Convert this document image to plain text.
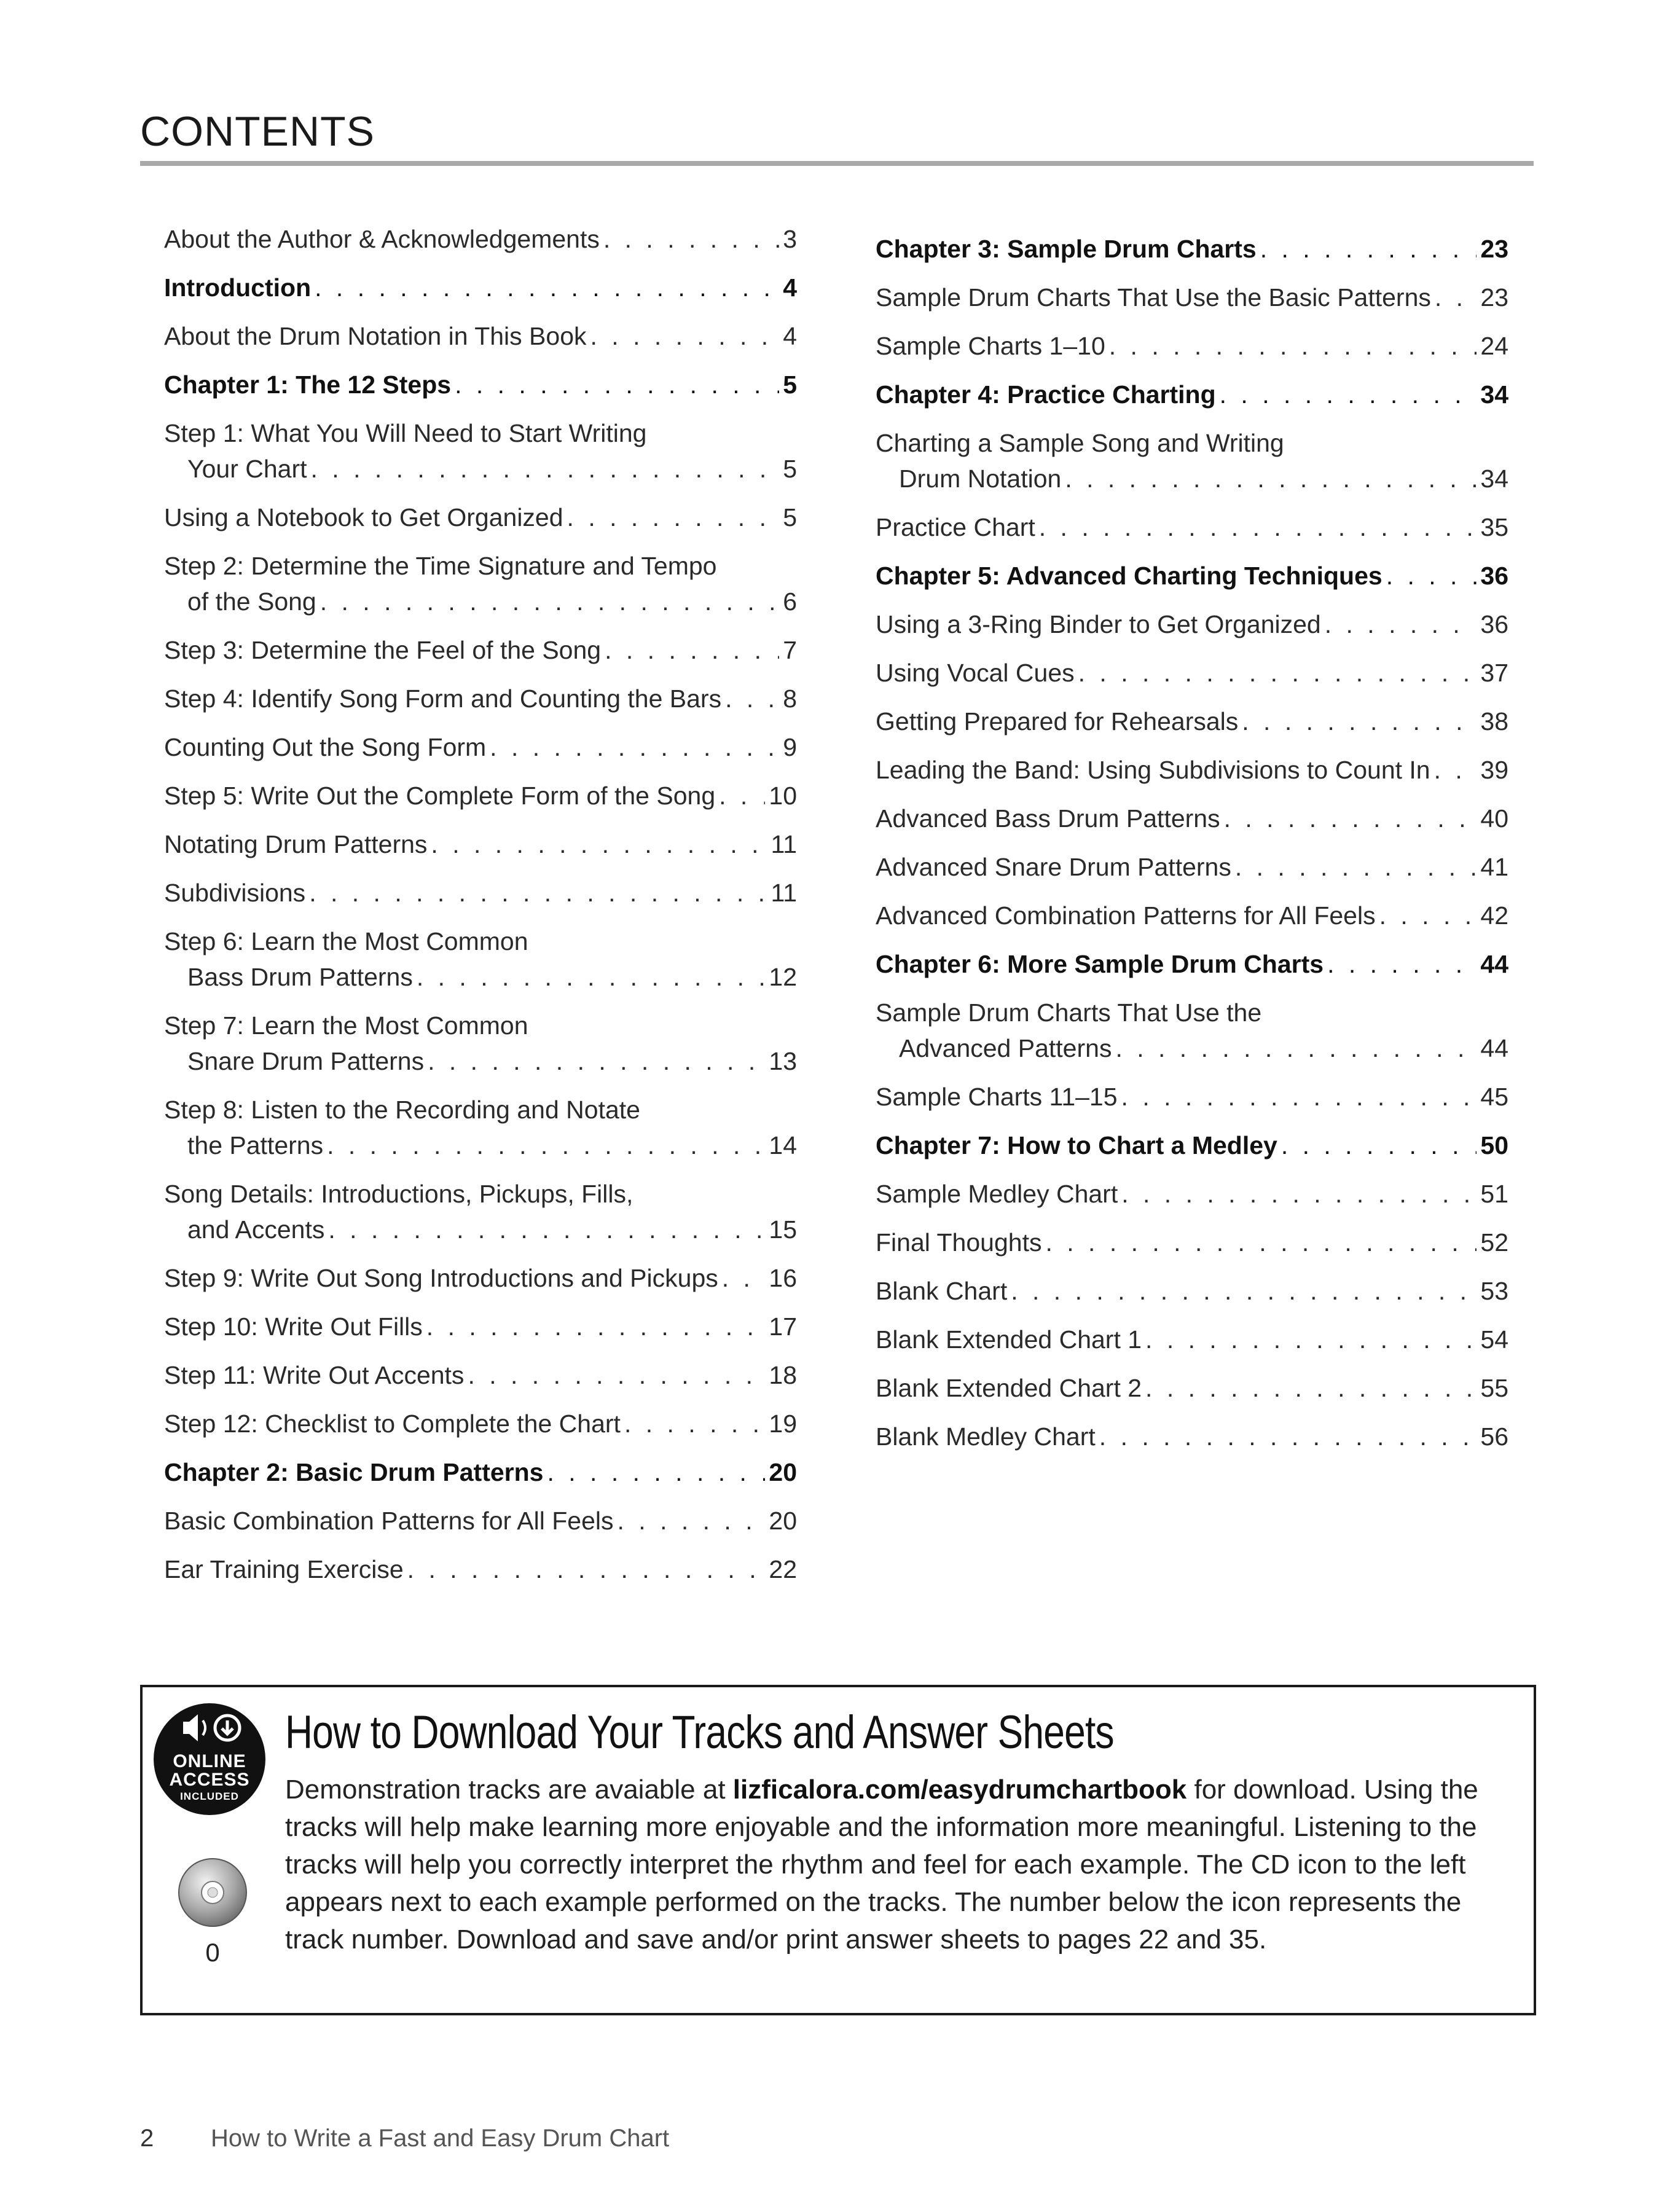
CONTENTS
About the Author & Acknowledgements . . .	3
Introduction . . .	4
About the Drum Notation in This Book . . .	4
Chapter 1: The 12 Steps . . .	5
Step 1: What You Will Need to Start Writing
Your Chart . . .	5
Using a Notebook to Get Organized . . .	5
Step 2: Determine the Time Signature and Tempo
of the Song . . .	6
Step 3: Determine the Feel of the Song . . .	7
Step 4: Identify Song Form and Counting the Bars . . . 8
Counting Out the Song Form . . .	9
Step 5: Write Out the Complete Form of the Song . . . 10
Notating Drum Patterns . . .	11
Subdivisions . . .	11
Step 6: Learn the Most Common
Bass Drum Patterns . . .	12
Step 7: Learn the Most Common
Snare Drum Patterns . . .	13
Step 8: Listen to the Recording and Notate
the Patterns . . .	14
Song Details: Introductions, Pickups, Fills,
and Accents . . .	15
Step 9: Write Out Song Introductions and Pickups . . . 16
Step 10: Write Out Fills . . .	17
Step 11: Write Out Accents . . .	18
Step 12: Checklist to Complete the Chart . . .	19
Chapter 2: Basic Drum Patterns . . .	20
Basic Combination Patterns for All Feels . . .	20
Ear Training Exercise . . .	22
Chapter 3: Sample Drum Charts . . .	23
Sample Drum Charts That Use the Basic Patterns . . . 23
Sample Charts 1–10 . . .	24
Chapter 4: Practice Charting . . .	34
Charting a Sample Song and Writing
Drum Notation . . .	34
Practice Chart . . .	35
Chapter 5: Advanced Charting Techniques . . .	36
Using a 3-Ring Binder to Get Organized . . .	36
Using Vocal Cues . . .	37
Getting Prepared for Rehearsals . . .	38
Leading the Band: Using Subdivisions to Count In . . . 39
Advanced Bass Drum Patterns . . .	40
Advanced Snare Drum Patterns . . .	41
Advanced Combination Patterns for All Feels . . .	42
Chapter 6: More Sample Drum Charts . . .	44
Sample Drum Charts That Use the
Advanced Patterns . . .	44
Sample Charts 11–15 . . .	45
Chapter 7: How to Chart a Medley . . .	50
Sample Medley Chart . . .	51
Final Thoughts . . .	52
Blank Chart . . .	53
Blank Extended Chart 1 . . .	54
Blank Extended Chart 2 . . .	55
Blank Medley Chart . . .	56
ONLINE
ACCESS
INCLUDED
0
How to Download Your Tracks and Answer Sheets
Demonstration tracks are avaiable at lizficalora.com/easydrumchartbook for download. Using the tracks will help make learning more enjoyable and the information more meaningful. Listening to the tracks will help you correctly interpret the rhythm and feel for each example. The CD icon to the left appears next to each example performed on the tracks. The number below the icon represents the track number. Download and save and/or print answer sheets to pages 22 and 35.
2 How to Write a Fast and Easy Drum Chart
